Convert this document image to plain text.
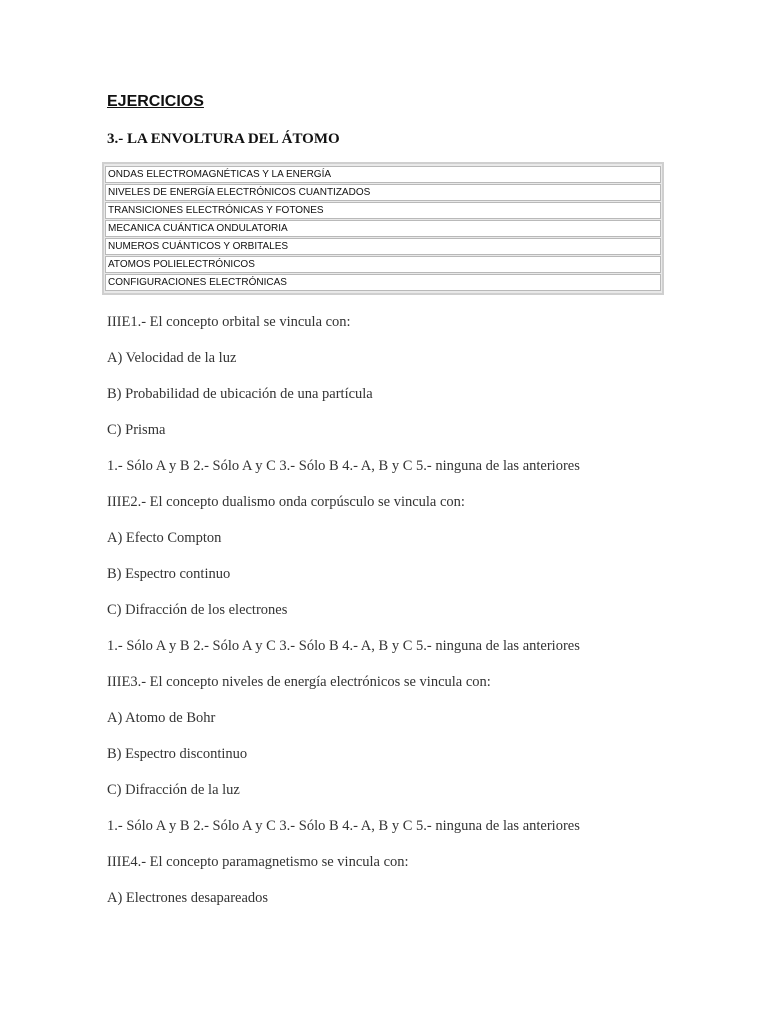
EJERCICIOS
3.- LA ENVOLTURA DEL ÁTOMO
ONDAS ELECTROMAGNÉTICAS Y LA ENERGÍA
NIVELES DE ENERGÍA ELECTRÓNICOS CUANTIZADOS
TRANSICIONES ELECTRÓNICAS Y FOTONES
MECANICA CUÁNTICA ONDULATORIA
NUMEROS CUÁNTICOS Y ORBITALES
ATOMOS POLIELECTRÓNICOS
CONFIGURACIONES ELECTRÓNICAS
IIIE1.- El concepto orbital se vincula con:
A) Velocidad de la luz
B) Probabilidad de ubicación de una partícula
C) Prisma
1.- Sólo A y B 2.- Sólo A y C 3.- Sólo B 4.- A, B y C 5.- ninguna de las anteriores
IIIE2.- El concepto dualismo onda corpúsculo se vincula con:
A) Efecto Compton
B) Espectro continuo
C) Difracción de los electrones
1.- Sólo A y B 2.- Sólo A y C 3.- Sólo B 4.- A, B y C 5.- ninguna de las anteriores
IIIE3.- El concepto niveles de energía electrónicos se vincula con:
A) Atomo de Bohr
B) Espectro discontinuo
C) Difracción de la luz
1.- Sólo A y B 2.- Sólo A y C 3.- Sólo B 4.- A, B y C 5.- ninguna de las anteriores
IIIE4.- El concepto paramagnetismo se vincula con:
A) Electrones desapareados
